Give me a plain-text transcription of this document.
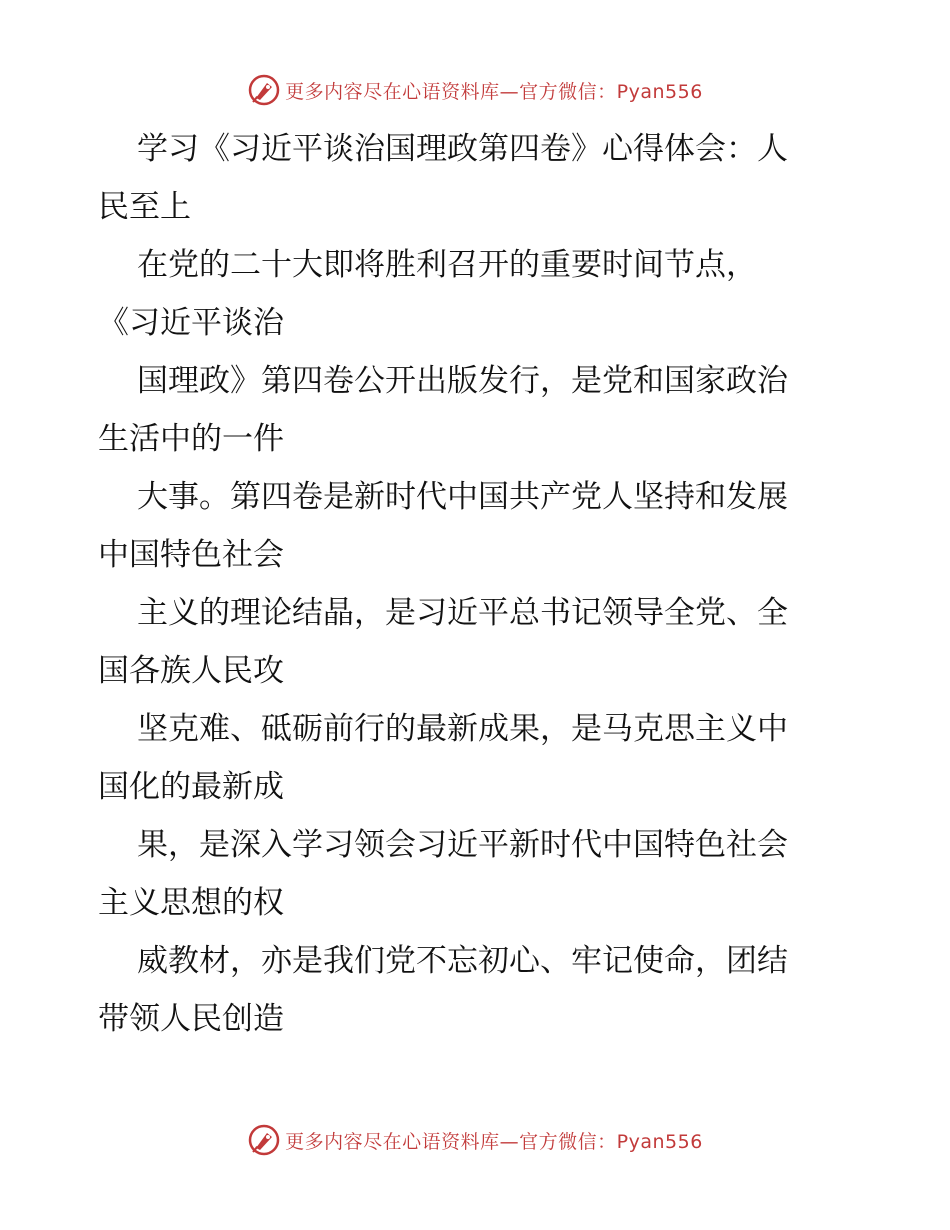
更多内容尽在心语资料库—官方微信：Pyan556
学习《习近平谈治国理政第四卷》心得体会：人
民至上
在党的二十大即将胜利召开的重要时间节点，
《习近平谈治
国理政》第四卷公开出版发行，是党和国家政治
生活中的一件
大事。第四卷是新时代中国共产党人坚持和发展
中国特色社会
主义的理论结晶，是习近平总书记领导全党、全
国各族人民攻
坚克难、砥砺前行的最新成果，是马克思主义中
国化的最新成
果，是深入学习领会习近平新时代中国特色社会
主义思想的权
威教材，亦是我们党不忘初心、牢记使命，团结
带领人民创造
更多内容尽在心语资料库—官方微信：Pyan556
